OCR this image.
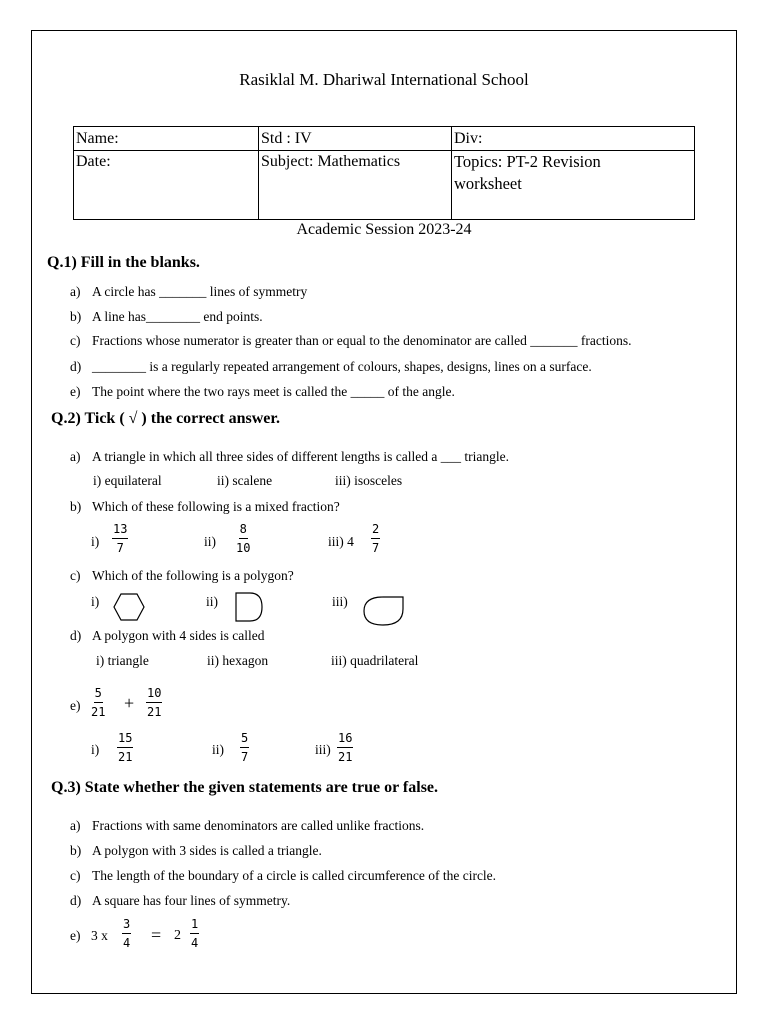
Rasiklal M. Dhariwal International School
Name:	Std : IV	Div:
Date:	Subject: Mathematics	Topics: PT-2 Revision
worksheet
Academic Session 2023-24
Q.1) Fill in the blanks.
a) A circle has _______ lines of symmetry
b) A line has________ end points.
c) Fractions whose numerator is greater than or equal to the denominator are called _______ fractions.
d) ________ is a regularly repeated arrangement of colours, shapes, designs, lines on a surface.
e) The point where the two rays meet is called the _____ of the angle.
Q.2) Tick ( √ ) the correct answer.
a) A triangle in which all three sides of different lengths is called a ___ triangle.
i) equilateral	ii) scalene	iii) isosceles
b) Which of these following is a mixed fraction?
$i) \frac{13}{7}$	$ii) \frac{8}{10}$	iii) $4 \frac{2}{7}$
c) Which of the following is a polygon?
i)	ii)	iii)
d) A polygon with 4 sides is called
i) triangle	ii) hexagon	iii) quadrilateral
$e) \frac{5}{21} + \frac{10}{21}$
$i) \frac{15}{21}$	$ii) \frac{5}{7}$	$iii) \frac{16}{21}$
Q.3) State whether the given statements are true or false.
a) Fractions with same denominators are called unlike fractions.
b) A polygon with 3 sides is called a triangle.
c) The length of the boundary of a circle is called circumference of the circle.
d) A square has four lines of symmetry.
e) 3 x $\frac{3}{4} = 2 \frac{1}{4}$
